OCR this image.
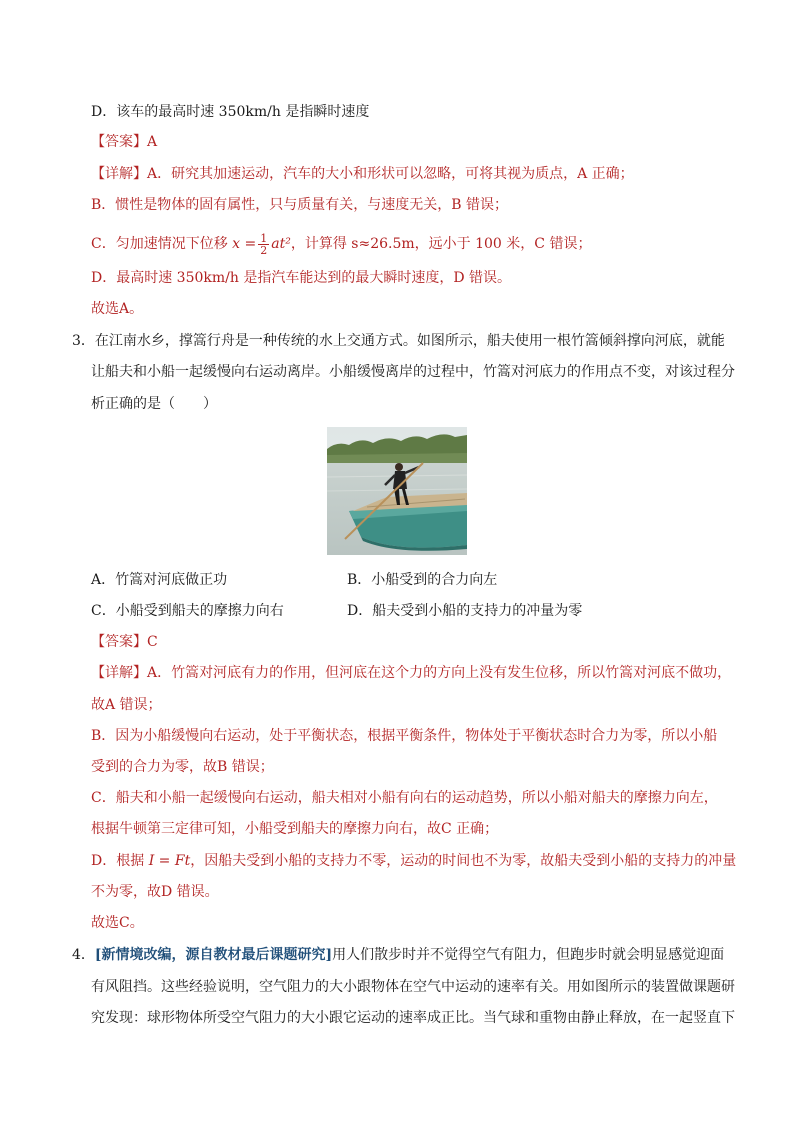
D．该车的最高时速 350km/h 是指瞬时速度
【答案】A
【详解】A．研究其加速运动，汽车的大小和形状可以忽略，可将其视为质点，A 正确；
B．惯性是物体的固有属性，只与质量有关，与速度无关，B 错误；
C．匀加速情况下位移 $x = \frac{1}{2} at^2$，计算得 s≈26.5m，远小于 100 米，C 错误；
D．最高时速 350km/h 是指汽车能达到的最大瞬时速度，D 错误。
故选A。
3．在江南水乡，撑篙行舟是一种传统的水上交通方式。如图所示，船夫使用一根竹篙倾斜撑向河底，就能
让船夫和小船一起缓慢向右运动离岸。小船缓慢离岸的过程中，竹篙对河底力的作用点不变，对该过程分
析正确的是（　　）
A．竹篙对河底做正功	B．小船受到的合力向左
C．小船受到船夫的摩擦力向右	D．船夫受到小船的支持力的冲量为零
【答案】C
【详解】A．竹篙对河底有力的作用，但河底在这个力的方向上没有发生位移，所以竹篙对河底不做功，
故A 错误；
B．因为小船缓慢向右运动，处于平衡状态，根据平衡条件，物体处于平衡状态时合力为零，所以小船
受到的合力为零，故B 错误；
C．船夫和小船一起缓慢向右运动，船夫相对小船有向右的运动趋势，所以小船对船夫的摩擦力向左，
根据牛顿第三定律可知，小船受到船夫的摩擦力向右，故C 正确；
D．根据 I = Ft，因船夫受到小船的支持力不零，运动的时间也不为零，故船夫受到小船的支持力的冲量
不为零，故D 错误。
故选C。
4．[新情境改编，源自教材最后课题研究]用人们散步时并不觉得空气有阻力，但跑步时就会明显感觉迎面
有风阻挡。这些经验说明，空气阻力的大小跟物体在空气中运动的速率有关。用如图所示的装置做课题研
究发现：球形物体所受空气阻力的大小跟它运动的速率成正比。当气球和重物由静止释放，在一起竖直下
